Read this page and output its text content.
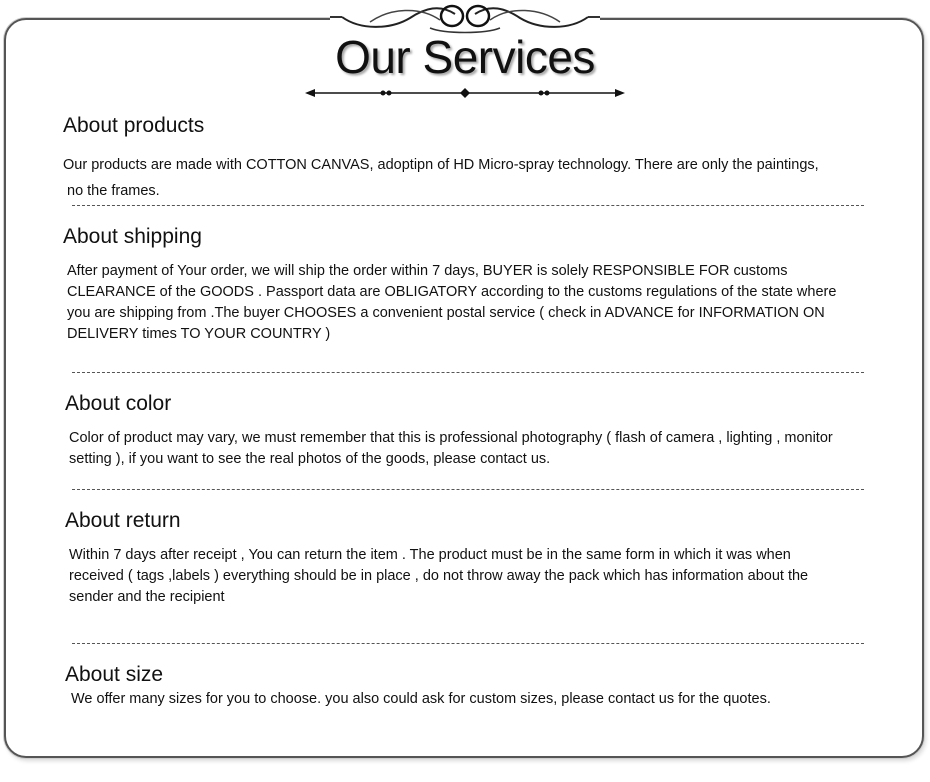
Our Services
About products

Our products are made with COTTON CANVAS, adoptipn of HD Micro-spray technology. There are only the paintings,

no the frames.

About shipping

After payment of Your order, we will ship the order within 7 days, BUYER is solely RESPONSIBLE FOR customs

CLEARANCE of the GOODS . Passport data are OBLIGATORY according to the customs regulations of the state where

you are shipping from .The buyer CHOOSES a convenient postal service ( check in ADVANCE for INFORMATION ON

DELIVERY times TO YOUR COUNTRY )

About color

Color of product may vary, we must remember that this is professional photography ( flash of camera , lighting , monitor

setting ), if you want to see the real photos of the goods, please contact us.

About return

Within 7 days after receipt , You can return the item . The product must be in the same form in which it was when

received ( tags ,labels ) everything should be in place , do not throw away the pack which has information about the

sender and the recipient

About size

We offer many sizes for you to choose. you also could ask for custom sizes, please contact us for the quotes.
